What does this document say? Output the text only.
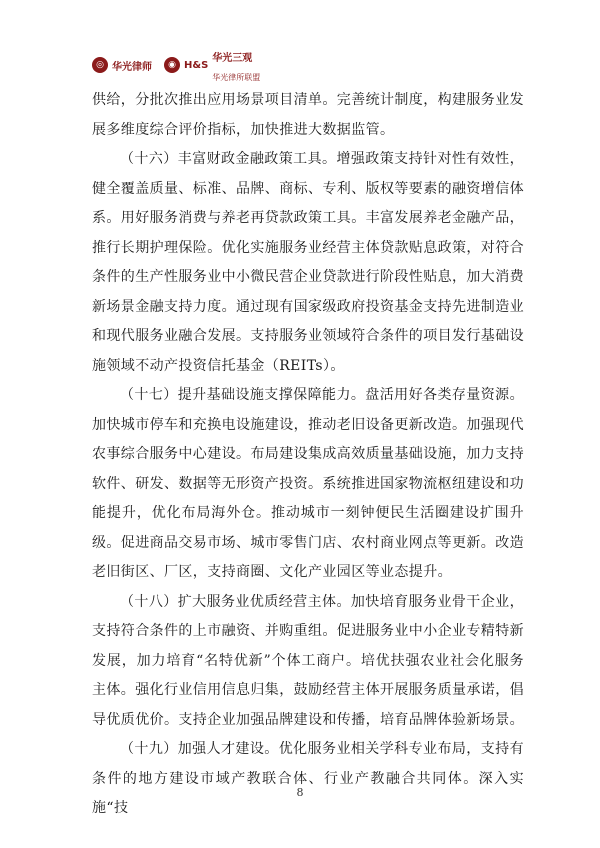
◎ 华光律师	◉ H&S
华光三观
华光律所联盟

供给，分批次推出应用场景项目清单。完善统计制度，构建服务业发展多维度综合评价指标，加快推进大数据监管。

（十六）丰富财政金融政策工具。增强政策支持针对性有效性，健全覆盖质量、标准、品牌、商标、专利、版权等要素的融资增信体系。用好服务消费与养老再贷款政策工具。丰富发展养老金融产品，推行长期护理保险。优化实施服务业经营主体贷款贴息政策，对符合条件的生产性服务业中小微民营企业贷款进行阶段性贴息，加大消费新场景金融支持力度。通过现有国家级政府投资基金支持先进制造业和现代服务业融合发展。支持服务业领域符合条件的项目发行基础设施领域不动产投资信托基金（REITs）。

（十七）提升基础设施支撑保障能力。盘活用好各类存量资源。加快城市停车和充换电设施建设，推动老旧设备更新改造。加强现代农事综合服务中心建设。布局建设集成高效质量基础设施，加力支持软件、研发、数据等无形资产投资。系统推进国家物流枢纽建设和功能提升，优化布局海外仓。推动城市一刻钟便民生活圈建设扩围升级。促进商品交易市场、城市零售门店、农村商业网点等更新。改造老旧街区、厂区，支持商圈、文化产业园区等业态提升。

（十八）扩大服务业优质经营主体。加快培育服务业骨干企业，支持符合条件的上市融资、并购重组。促进服务业中小企业专精特新发展，加力培育“名特优新”个体工商户。培优扶强农业社会化服务主体。强化行业信用信息归集，鼓励经营主体开展服务质量承诺，倡导优质优价。支持企业加强品牌建设和传播，培育品牌体验新场景。

（十九）加强人才建设。优化服务业相关学科专业布局，支持有条件的地方建设市域产教联合体、行业产教融合共同体。深入实施“技

8
